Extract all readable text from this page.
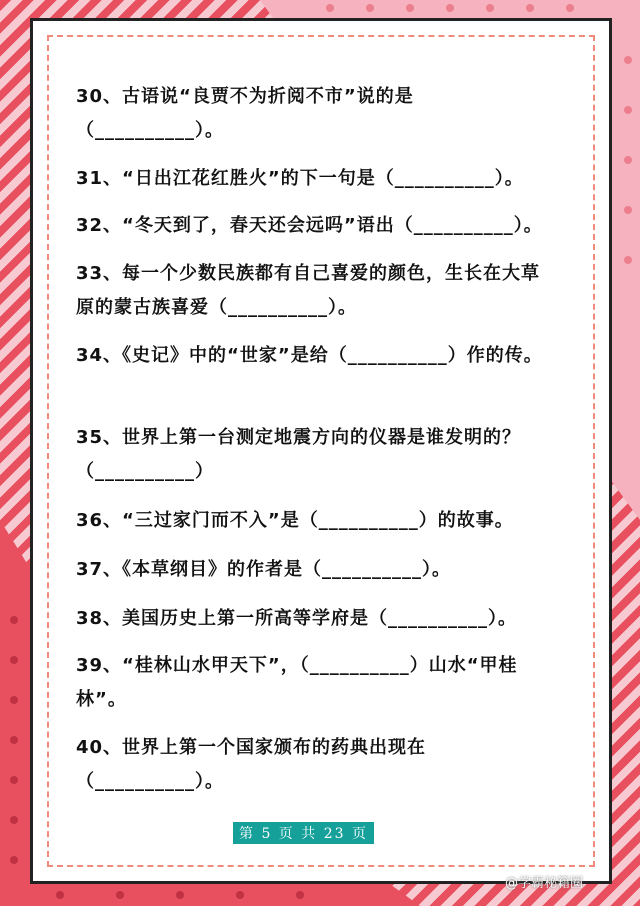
30、古语说“良贾不为折阅不市”说的是（__________）。
31、“日出江花红胜火”的下一句是（__________）。
32、“冬天到了，春天还会远吗”语出（__________）。
33、每一个少数民族都有自己喜爱的颜色，生长在大草原的蒙古族喜爱（__________）。
34、《史记》中的“世家”是给（__________）作的传。
35、世界上第一台测定地震方向的仪器是谁发明的？（__________）
36、“三过家门而不入”是（__________）的故事。
37、《本草纲目》的作者是（__________）。
38、美国历史上第一所高等学府是（__________）。
39、“桂林山水甲天下”，（__________）山水“甲桂林”。
40、世界上第一个国家颁布的药典出现在（__________）。
第 5 页 共 23 页
@学霸秘籍圈
